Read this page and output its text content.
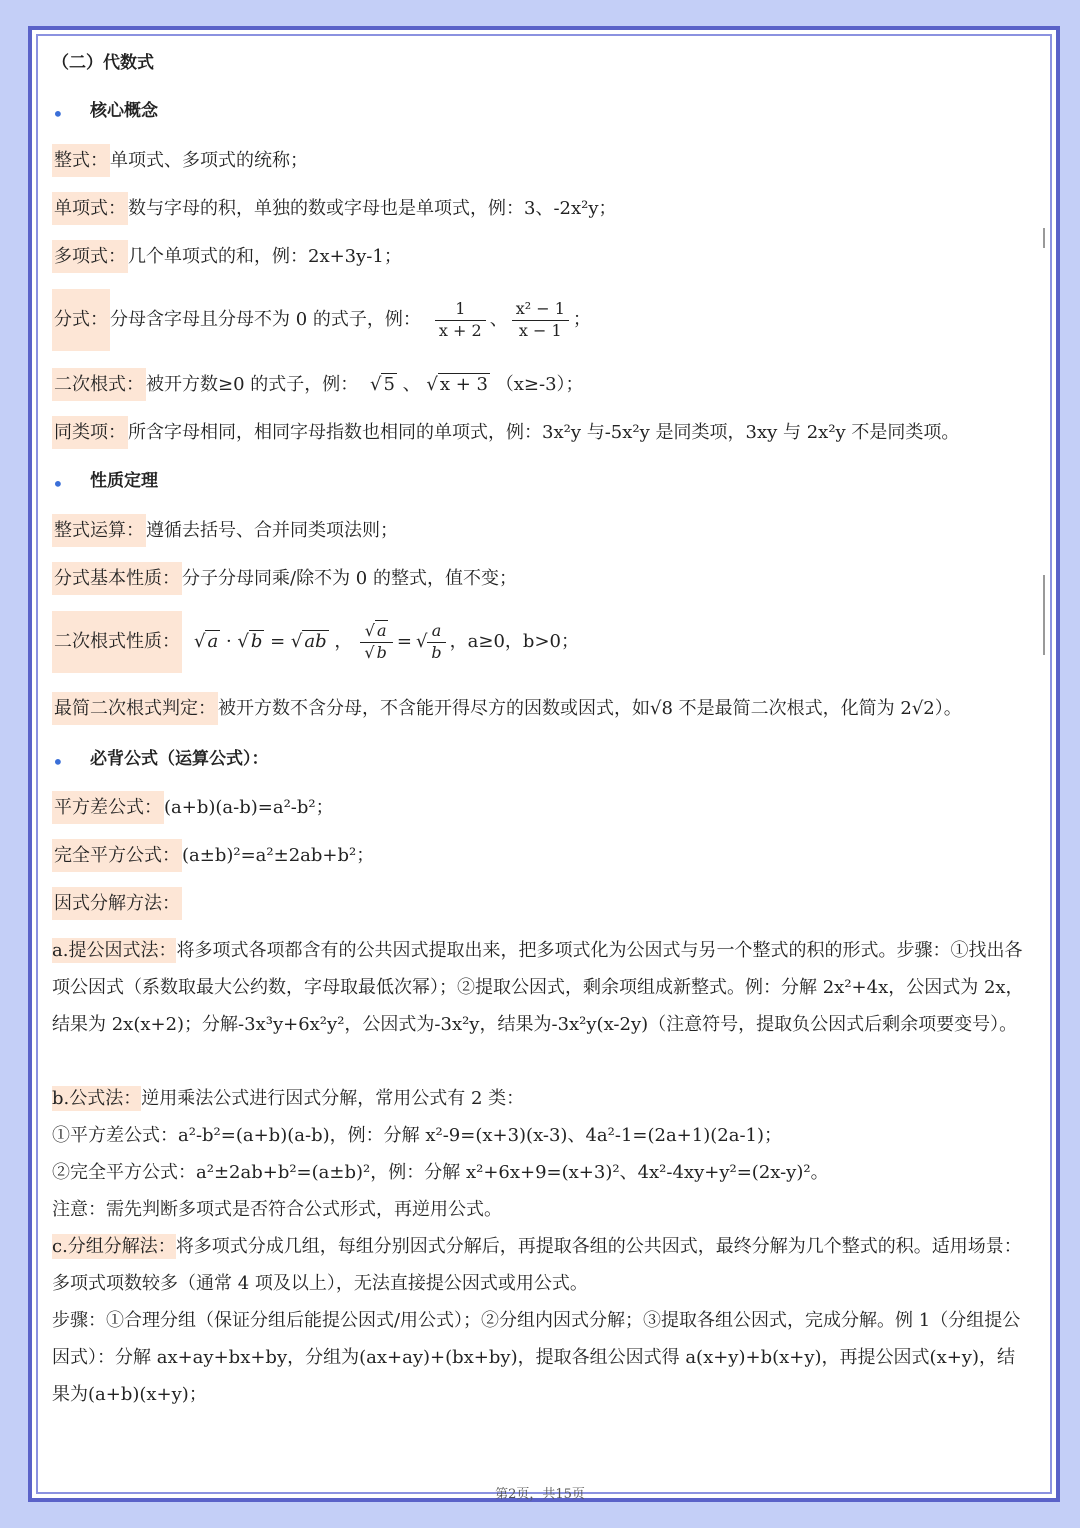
（二）代数式
• 核心概念
整式： 单项式、多项式的统称；
单项式： 数与字母的积，单独的数或字母也是单项式，例：3、-2x²y；
多项式： 几个单项式的和，例：2x+3y-1；
分式： 分母含字母且分母不为 0 的式子，例： $\frac{1}{x + 2}$ 、 $\frac{\text{x² − 1}}{x - 1}$ ；
二次根式： 被开方数≥0 的式子，例： √ 5 、 √ x + 3 （x≥-3）；
同类项： 所含字母相同，相同字母指数也相同的单项式，例：3x²y 与-5x²y 是同类项，3xy 与 2x²y 不是同类项。
• 性质定理
整式运算： 遵循去括号、合并同类项法则；
分式基本性质： 分子分母同乘/除不为 0 的整式，值不变；
二次根式性质： √ a · √ b = √ ab ， $\frac{√ a}{√ b}$ = √ $\frac{a}{b}$ ，a≥0，b>0；
最简二次根式判定： 被开方数不含分母，不含能开得尽方的因数或因式，如√8 不是最简二次根式，化简为 2√2）。
• 必背公式（运算公式）：
平方差公式： (a+b)(a-b)=a²-b²；
完全平方公式： (a±b)²=a²±2ab+b²；
因式分解方法：
a.提公因式法：将多项式各项都含有的公共因式提取出来，把多项式化为公因式与另一个整式的积的形式。步骤：①找出各项公因式（系数取最大公约数，字母取最低次幂）；②提取公因式，剩余项组成新整式。例：分解 2x²+4x，公因式为 2x，结果为 2x(x+2)；分解-3x³y+6x²y²，公因式为-3x²y，结果为-3x²y(x-2y)（注意符号，提取负公因式后剩余项要变号）。
b.公式法：逆用乘法公式进行因式分解，常用公式有 2 类：
①平方差公式：a²-b²=(a+b)(a-b)，例：分解 x²-9=(x+3)(x-3)、4a²-1=(2a+1)(2a-1)；
②完全平方公式：a²±2ab+b²=(a±b)²，例：分解 x²+6x+9=(x+3)²、4x²-4xy+y²=(2x-y)²。
注意：需先判断多项式是否符合公式形式，再逆用公式。
c.分组分解法：将多项式分成几组，每组分别因式分解后，再提取各组的公共因式，最终分解为几个整式的积。适用场景：多项式项数较多（通常 4 项及以上），无法直接提公因式或用公式。
步骤：①合理分组（保证分组后能提公因式/用公式）；②分组内因式分解；③提取各组公因式，完成分解。例 1（分组提公因式）：分解 ax+ay+bx+by，分组为(ax+ay)+(bx+by)，提取各组公因式得 a(x+y)+b(x+y)，再提公因式(x+y)，结果为(a+b)(x+y)；
第2页，共15页
